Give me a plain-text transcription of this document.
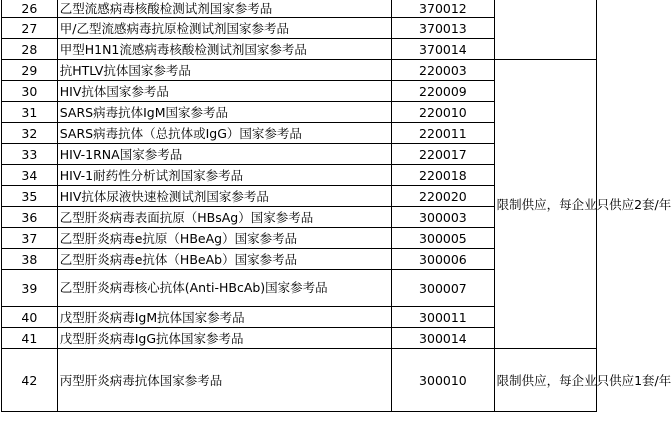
26	乙型流感病毒核酸检测试剂国家参考品	370012	
27	甲/乙型流感病毒抗原检测试剂国家参考品	370013	
28	甲型H1N1流感病毒核酸检测试剂国家参考品	370014	
29	抗HTLV抗体国家参考品	220003	限制供应，每企业只供应2套/年
30	HIV抗体国家参考品	220009	
31	SARS病毒抗体IgM国家参考品	220010	
32	SARS病毒抗体（总抗体或IgG）国家参考品	220011	
33	HIV-1RNA国家参考品	220017	
34	HIV-1耐药性分析试剂国家参考品	220018	
35	HIV抗体尿液快速检测试剂国家参考品	220020	
36	乙型肝炎病毒表面抗原（HBsAg）国家参考品	300003	
37	乙型肝炎病毒e抗原（HBeAg）国家参考品	300005	
38	乙型肝炎病毒e抗体（HBeAb）国家参考品	300006	
39	乙型肝炎病毒核心抗体(Anti-HBcAb)国家参考品	300007	
40	戊型肝炎病毒IgM抗体国家参考品	300011	
41	戊型肝炎病毒IgG抗体国家参考品	300014	
42	丙型肝炎病毒抗体国家参考品	300010	限制供应，每企业只供应1套/年
